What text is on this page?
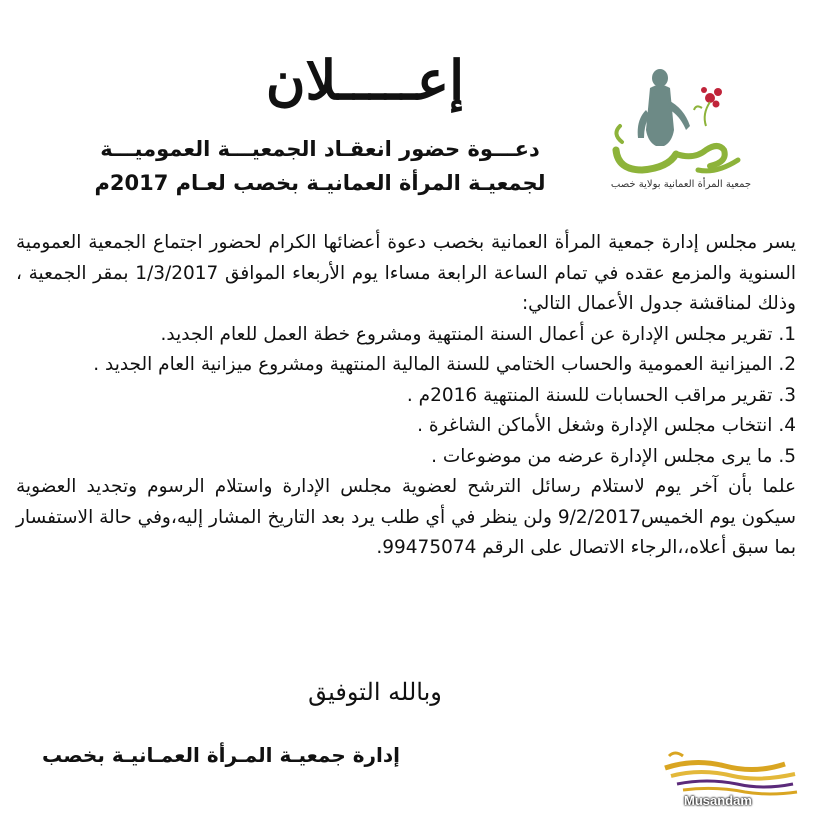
جمعية المرأة العمانية بولاية خصب
إعـــــلان
دعـــوة حضور انعقـاد الجمعيـــة العموميـــة
لجمعيـة المرأة العمانيـة بخصب لعـام 2017م

يسر مجلس إدارة جمعية المرأة العمانية بخصب دعوة أعضائها الكرام لحضور اجتماع الجمعية العمومية السنوية والمزمع عقده في تمام الساعة الرابعة مساءا يوم الأربعاء الموافق 1/3/2017 بمقر الجمعية ، وذلك لمناقشة جدول الأعمال التالي:

1. تقرير مجلس الإدارة عن أعمال السنة المنتهية ومشروع خطة العمل للعام الجديد.

2. الميزانية العمومية والحساب الختامي للسنة المالية المنتهية ومشروع ميزانية العام الجديد .

3. تقرير مراقب الحسابات للسنة المنتهية 2016م .

4. انتخاب مجلس الإدارة وشغل الأماكن الشاغرة .

5. ما يرى مجلس الإدارة عرضه من موضوعات .

علما بأن آخر يوم لاستلام رسائل الترشح لعضوية مجلس الإدارة واستلام الرسوم وتجديد العضوية سيكون يوم الخميس9/2/2017 ولن ينظر في أي طلب يرد بعد التاريخ المشار إليه،وفي حالة الاستفسار بما سبق أعلاه،،الرجاء الاتصال على الرقم 99475074.

وبالله التوفيق
إدارة جمعيـة المـرأة العمـانيـة بخصب
Musandam
